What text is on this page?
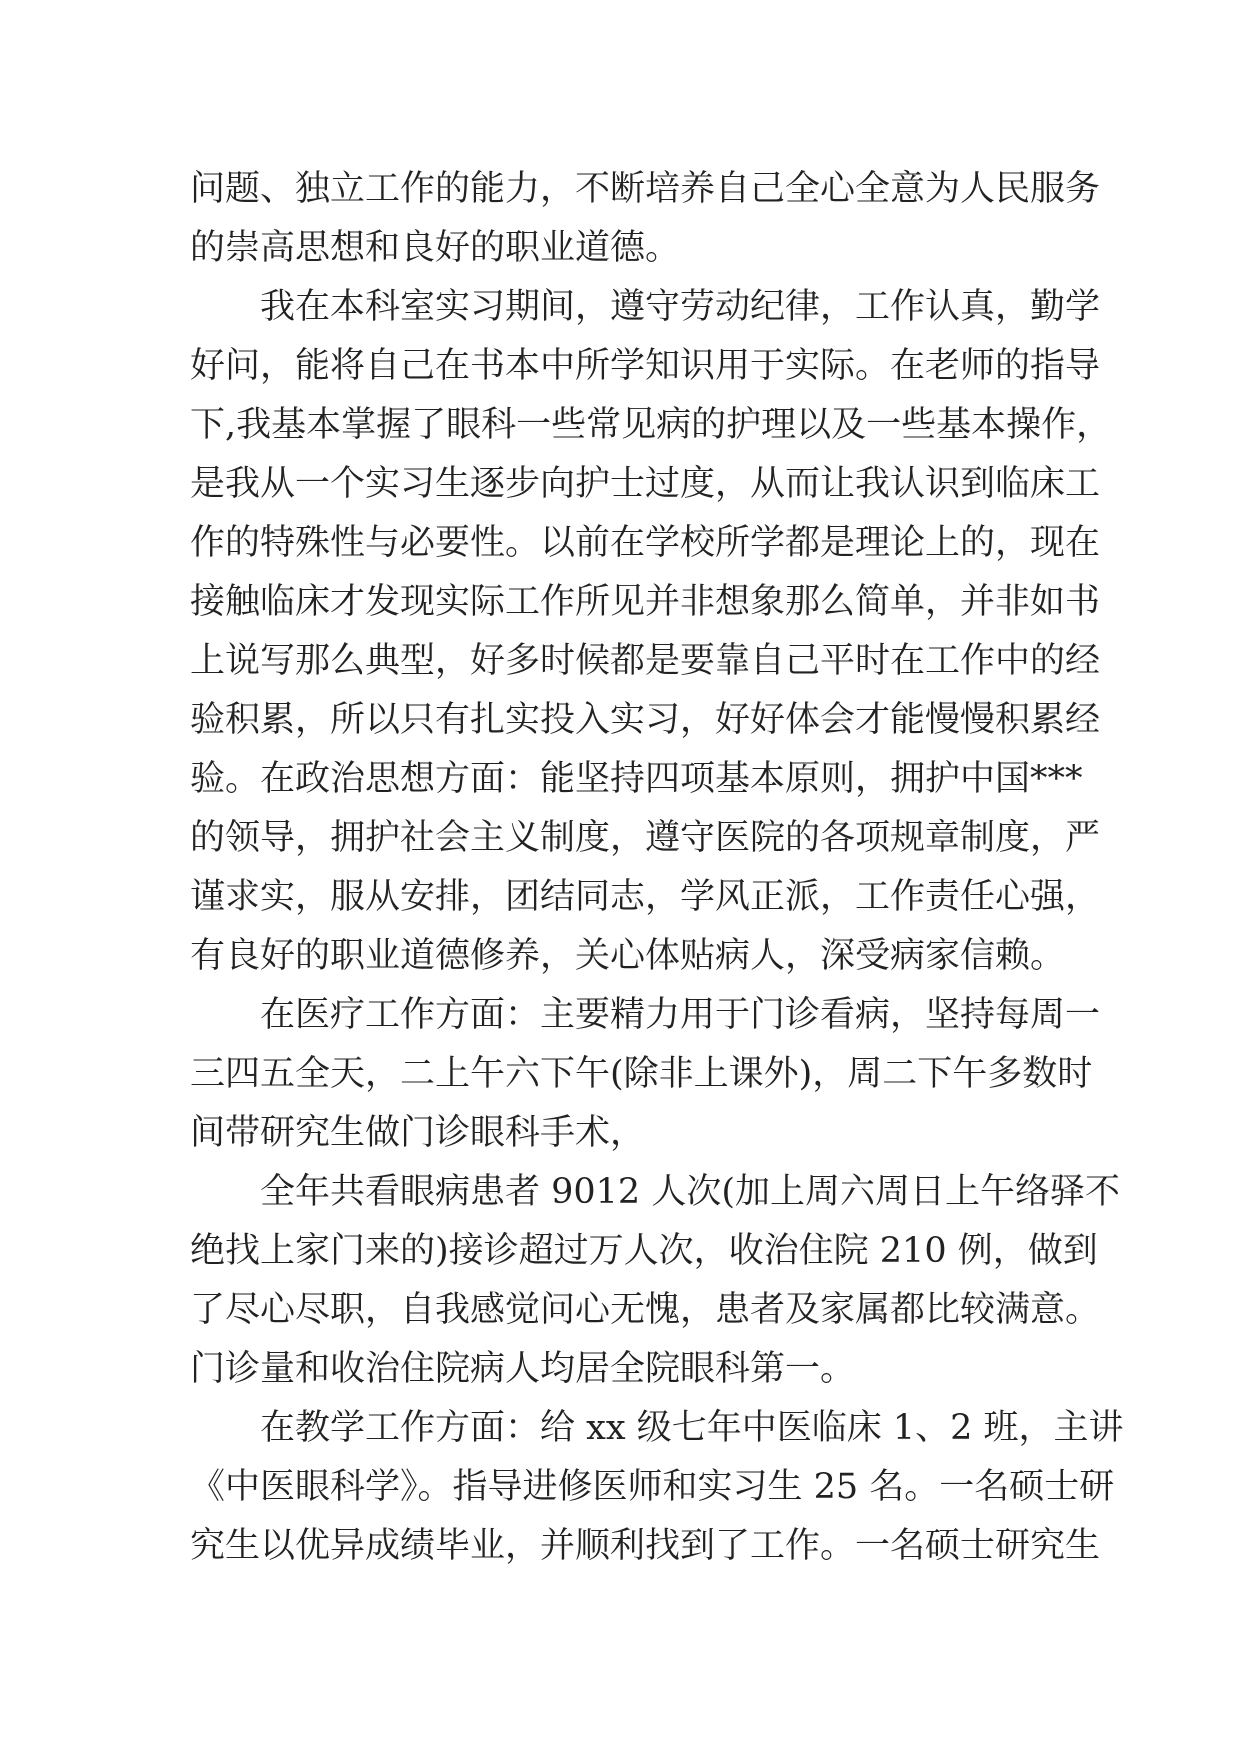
问题、独立工作的能力，不断培养自己全心全意为人民服务
的崇高思想和良好的职业道德。
我在本科室实习期间，遵守劳动纪律，工作认真，勤学
好问，能将自己在书本中所学知识用于实际。在老师的指导
下,我基本掌握了眼科一些常见病的护理以及一些基本操作，
是我从一个实习生逐步向护士过度，从而让我认识到临床工
作的特殊性与必要性。以前在学校所学都是理论上的，现在
接触临床才发现实际工作所见并非想象那么简单，并非如书
上说写那么典型，好多时候都是要靠自己平时在工作中的经
验积累，所以只有扎实投入实习，好好体会才能慢慢积累经
验。在政治思想方面：能坚持四项基本原则，拥护中国***
的领导，拥护社会主义制度，遵守医院的各项规章制度，严
谨求实，服从安排，团结同志，学风正派，工作责任心强，
有良好的职业道德修养，关心体贴病人，深受病家信赖。
在医疗工作方面：主要精力用于门诊看病，坚持每周一
三四五全天，二上午六下午(除非上课外)，周二下午多数时
间带研究生做门诊眼科手术，
全年共看眼病患者 9012 人次(加上周六周日上午络驿不
绝找上家门来的)接诊超过万人次，收治住院 210 例，做到
了尽心尽职，自我感觉问心无愧，患者及家属都比较满意。
门诊量和收治住院病人均居全院眼科第一。
在教学工作方面：给 xx 级七年中医临床 1、2 班，主讲
《中医眼科学》。指导进修医师和实习生 25 名。一名硕士研
究生以优异成绩毕业，并顺利找到了工作。一名硕士研究生
